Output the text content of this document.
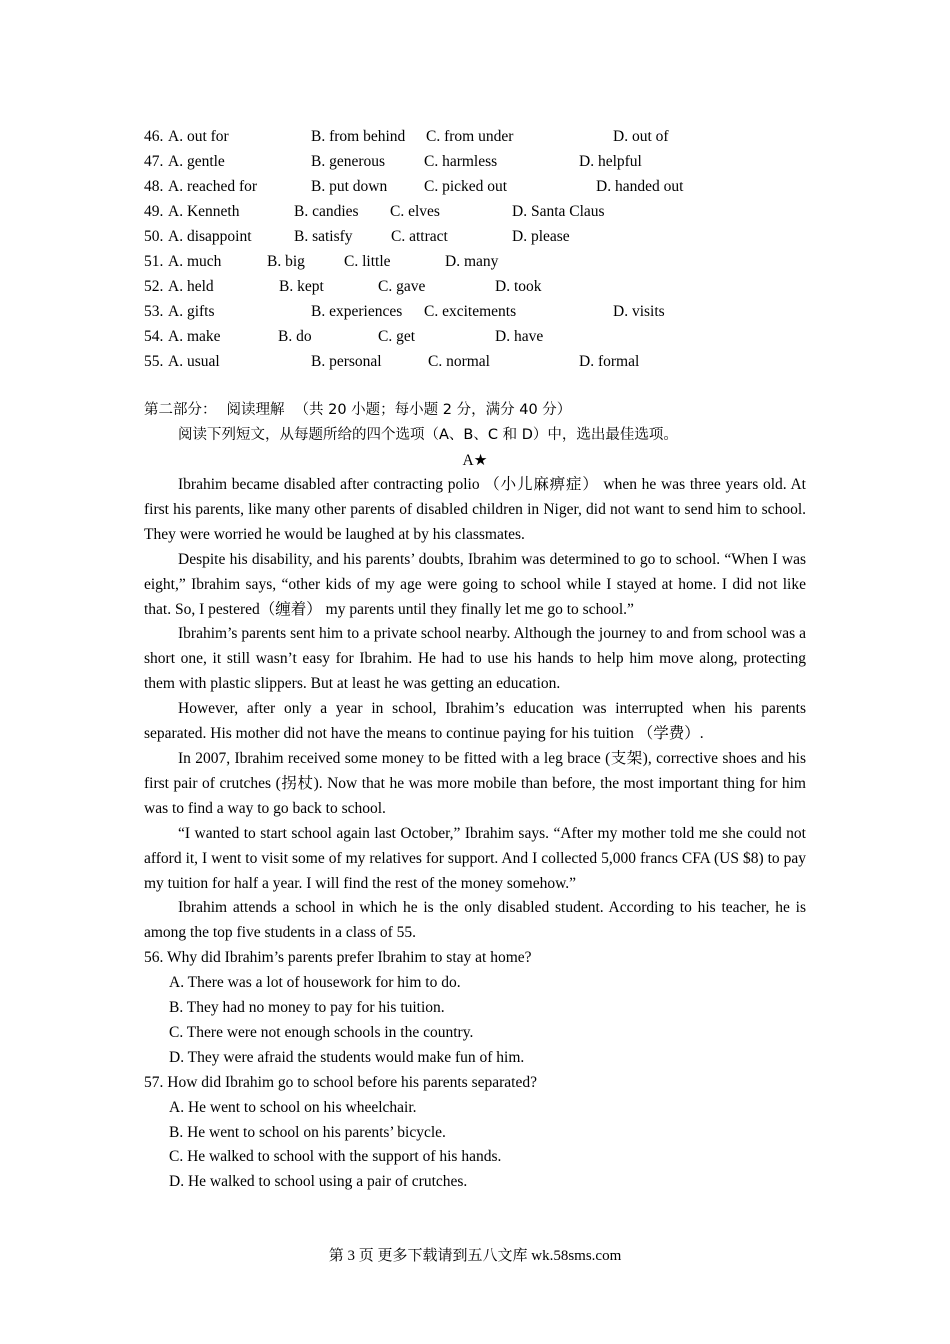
46. A. out for	B. from behind C. from under	D. out of
47. A. gentle	B. generous	C. harmless	D. helpful
48. A. reached for	B. put down C. picked out	D. handed out
49. A. Kenneth	B. candies C. elves	D. Santa Claus
50. A. disappoint	B. satisfy C. attract	D. please
51. A. much	B. big	C. little	D. many
52. A. held	B. kept	C. gave	D. took
53. A. gifts	B. experiences C. excitements	D. visits
54. A. make	B. do	C. get	D. have
55. A. usual	B. personal	C. normal	D. formal
第二部分： 阅读理解 （共 20 小题；每小题 2 分，满分 40 分）
阅读下列短文，从每题所给的四个选项（A、B、C 和 D）中，选出最佳选项。
A★

Ibrahim became disabled after contracting polio （小儿麻痹症） when he was three years old. At first his parents, like many other parents of disabled children in Niger, did not want to send him to school. They were worried he would be laughed at by his classmates.

Despite his disability, and his parents’ doubts, Ibrahim was determined to go to school. “When I was eight,” Ibrahim says, “other kids of my age were going to school while I stayed at home. I did not like that. So, I pestered（缠着） my parents until they finally let me go to school.”

Ibrahim’s parents sent him to a private school nearby. Although the journey to and from school was a short one, it still wasn’t easy for Ibrahim. He had to use his hands to help him move along, protecting them with plastic slippers. But at least he was getting an education.

However, after only a year in school, Ibrahim’s education was interrupted when his parents separated. His mother did not have the means to continue paying for his tuition （学费）.

In 2007, Ibrahim received some money to be fitted with a leg brace (支架), corrective shoes and his first pair of crutches (拐杖). Now that he was more mobile than before, the most important thing for him was to find a way to go back to school.

“I wanted to start school again last October,” Ibrahim says. “After my mother told me she could not afford it, I went to visit some of my relatives for support. And I collected 5,000 francs CFA (US $8) to pay my tuition for half a year. I will find the rest of the money somehow.”

Ibrahim attends a school in which he is the only disabled student. According to his teacher, he is among the top five students in a class of 55.

56. Why did Ibrahim’s parents prefer Ibrahim to stay at home?

A. There was a lot of housework for him to do.

B. They had no money to pay for his tuition.

C. There were not enough schools in the country.

D. They were afraid the students would make fun of him.

57. How did Ibrahim go to school before his parents separated?

A. He went to school on his wheelchair.

B. He went to school on his parents’ bicycle.

C. He walked to school with the support of his hands.

D. He walked to school using a pair of crutches.

第 3 页 更多下载请到五八文库 wk.58sms.com
